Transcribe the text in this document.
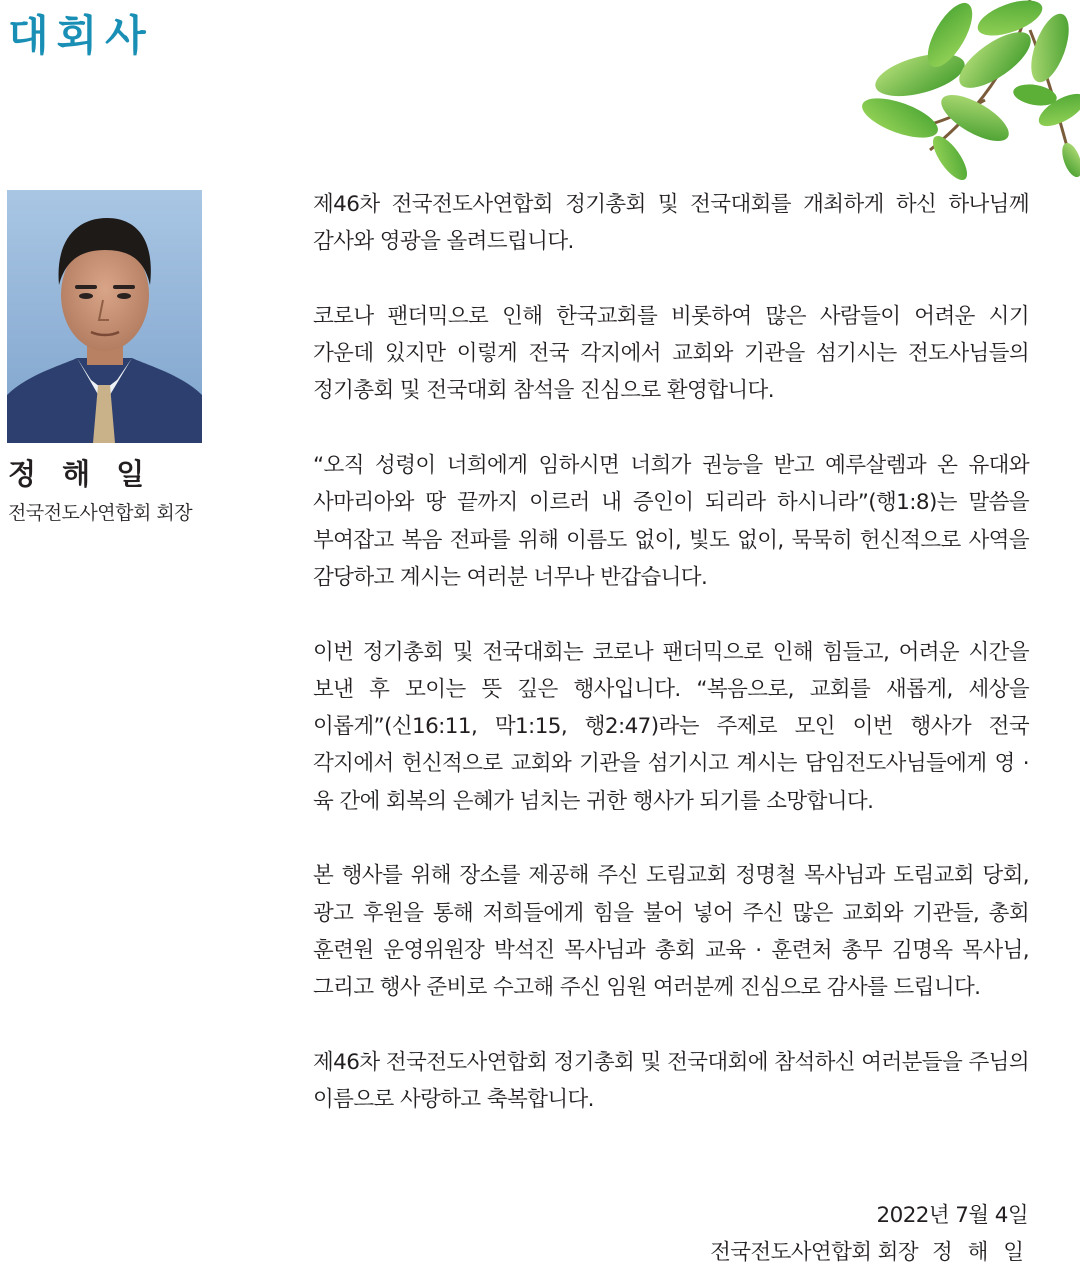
대회사
정 해 일
전국전도사연합회 회장

제46차 전국전도사연합회 정기총회 및 전국대회를 개최하게 하신 하나님께 감사와 영광을 올려드립니다.

코로나 팬더믹으로 인해 한국교회를 비롯하여 많은 사람들이 어려운 시기 가운데 있지만 이렇게 전국 각지에서 교회와 기관을 섬기시는 전도사님들의 정기총회 및 전국대회 참석을 진심으로 환영합니다.

“오직 성령이 너희에게 임하시면 너희가 권능을 받고 예루살렘과 온 유대와 사마리아와 땅 끝까지 이르러 내 증인이 되리라 하시니라”(행1:8)는 말씀을 부여잡고 복음 전파를 위해 이름도 없이, 빛도 없이, 묵묵히 헌신적으로 사역을 감당하고 계시는 여러분 너무나 반갑습니다.

이번 정기총회 및 전국대회는 코로나 팬더믹으로 인해 힘들고, 어려운 시간을 보낸 후 모이는 뜻 깊은 행사입니다. “복음으로, 교회를 새롭게, 세상을 이롭게”(신16:11, 막1:15, 행2:47)라는 주제로 모인 이번 행사가 전국 각지에서 헌신적으로 교회와 기관을 섬기시고 계시는 담임전도사님들에게 영 · 육 간에 회복의 은혜가 넘치는 귀한 행사가 되기를 소망합니다.

본 행사를 위해 장소를 제공해 주신 도림교회 정명철 목사님과 도림교회 당회, 광고 후원을 통해 저희들에게 힘을 불어 넣어 주신 많은 교회와 기관들, 총회 훈련원 운영위원장 박석진 목사님과 총회 교육 · 훈련처 총무 김명옥 목사님, 그리고 행사 준비로 수고해 주신 임원 여러분께 진심으로 감사를 드립니다.

제46차 전국전도사연합회 정기총회 및 전국대회에 참석하신 여러분들을 주님의 이름으로 사랑하고 축복합니다.

2022년 7월 4일
전국전도사연합회 회장 정 해 일
